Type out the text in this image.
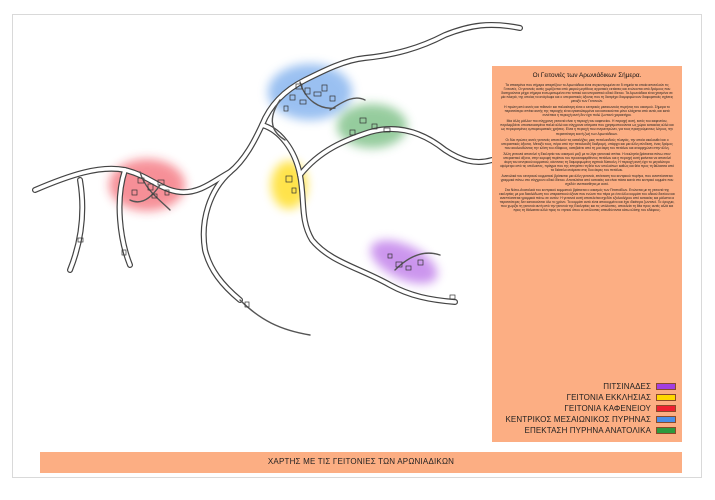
Οι Γειτονιές των Αρωνιάδικων Σήμερα.

Τα σπασμένα που σήμερα απαρτίζουν το Αρωνιάδικα είναι συγκεντρωμένα σε 5 σημεία τα οποία αποτελούν τις Γειτονιές. Οι γειτονιές αυτές χωρίζονται από μικρού μεγέθους αγροτικές εκτάσεις και ενώνονται από δρόμους που διατηρούνται μέχρι σήμερα ενσωματωμένα στο τοπικό και υπεραστικό οδικό δίκτυο. Τα Αρωνιάδικα είναι χτισμένα σε μία πλαγιά, της οποίας τα ανάγλυφα και ο υπεραστικός άξονας που τη διατρέχει διαμορφώνουν διαφορετικές σχέσεις μεταξύ των Γειτονιών.

Η πρώτη από αυτές και πιθανόν και παλαιότερη είναι ο κεντρικός μεσαιωνικός πυρήνας του οικισμού. Σήμερα το περισσότερο σπίτια αυτής της περιοχής είναι εγκαταλειμμένα και κατοικούνται μόνο ελάχιστα από αυτά, και κατά συνέπεια η περιοχή αυτή δεν έχει πολύ ζωντανό χαρακτήρα.

Μια άλλη μάλλον πιο σύγχρονη γειτονιά είναι η περιοχή του καφενείου. Η περιοχή αυτή, εκτός του καφενείου, περιλαμβάνει υποσκευασμένα παλιά αλλά και σύγχρονα κτίσματα που χρησιμοποιούνται ως χώροι κατοικίας αλλά και ως περιορισμένες εμπορευματικές χρήσεις. Είναι η περιοχή που συγκεντρώνει, για τους προηγούμενους λόγους, την περισσότερη κοινή ζωή των Αρωνιάδικων.

Οι δύο πρώτες αυτές γειτονιές αποτελούν τις καταλήξεις μιας πεταλοειδούς πλαγιάς, την οποία ακολουθεί και ο υπεραστικός άξονας. Μεταξύ τους, πέρα από την πεταλοειδή διαδρομή, υπάρχει και μια άλλη σύνδεση, ένας δρόμος που ακολουθώντας την κλίση του εδάφους, κατεβαίνει από τη μια άκρη του πετάλου και αναρριχώνει στην άλλη.

Άλλη γειτονιά αποτελεί η Εκκλησία του οικισμού μαζί με τα λίγα γειτονικά σπίτια. Η εκκλησία βρίσκεται πάνω στον υπεραστικό άξονα, στην κορυφή περίπου του προαναφερθέντος πετάλου και η περιοχή αυτή φαίνεται να αποτελεί άκρη του κεντρικού κομματιού, κάνοντας τη διαμορφωμένη σχετικά δύσκολη. Η περιοχή αυτή έχει το μεγαλύτερο υψόμετρο από τις υπόλοιπες, πράγμα που της επιτρέπει τη θέα των υπολοίπων καθώς και θέα προς τη θάλασσα από τα διάσελα ανάμεσα στις δυο άκρες του πετάλου.

Ανατολικά του κεντρικού κομματιού βρίσκεται μια άλλη γειτονιά, επέκταση του κεντρικού πυρήνα, που αναπτύσσεται γραμμικά πάνω στο σύγχρονο οδικό δίκτυο. Αποτελείται από κατοικίες και είναι πάσα καινά στο κεντρικό κομμάτι που σχεδόν ανεπαισθητα με αυτό.

Στα Νότιο-Ανατολικά του κεντρικού κομματιού βρίσκεται ο οικισμός των Πιτσινάδων. Ενώνεται με τη γειτονιά της εκκλησίας με μια διακλάδωση του υπεραστικού άξονα που ενώνει πιο πέρα με ένα άλλο κομμάτι του οδικού δικτύου και αναπτύσσεται γραμμικά πάνω σε αυτόν. Η γειτονιά αυτή αποτελείται σχεδόν εξολοκλήρου από κατοικίες και μάλιστα οι περισσότερες δεν κατοικούνται όλο το χρόνο. Το κομμάτι αυτό είναι αποκομμένο και έχει ιδιαίτερα ζωντανό. Το όρυγμα, που χωρίζει τη γειτονιά αυτή από την γειτονιά της Εκκλησίας και τις υπόλοιπες, αποκλείει τη θέα προς αυτές αλλά και προς τη θάλασσα αλλά προς το νησιού όπου οι υπόλοιπες απευθύνονται κάτω κλίσης του εδάφους.

ΠΙΤΣΙΝΑΔΕΣ
ΓΕΙΤΟΝΙΑ ΕΚΚΛΗΣΙΑΣ
ΓΕΙΤΟΝΙΑ ΚΑΦΕΝΕΙΟΥ
ΚΕΝΤΡΙΚΟΣ ΜΕΣΑΙΩΝΙΚΟΣ ΠΥΡΗΝΑΣ
ΕΠΕΚΤΑΣΗ ΠΥΡΗΝΑ ΑΝΑΤΟΛΙΚΑ
ΧΑΡΤΗΣ ΜΕ ΤΙΣ ΓΕΙΤΟΝΙΕΣ ΤΩΝ ΑΡΩΝΙΑΔΙΚΩΝ
